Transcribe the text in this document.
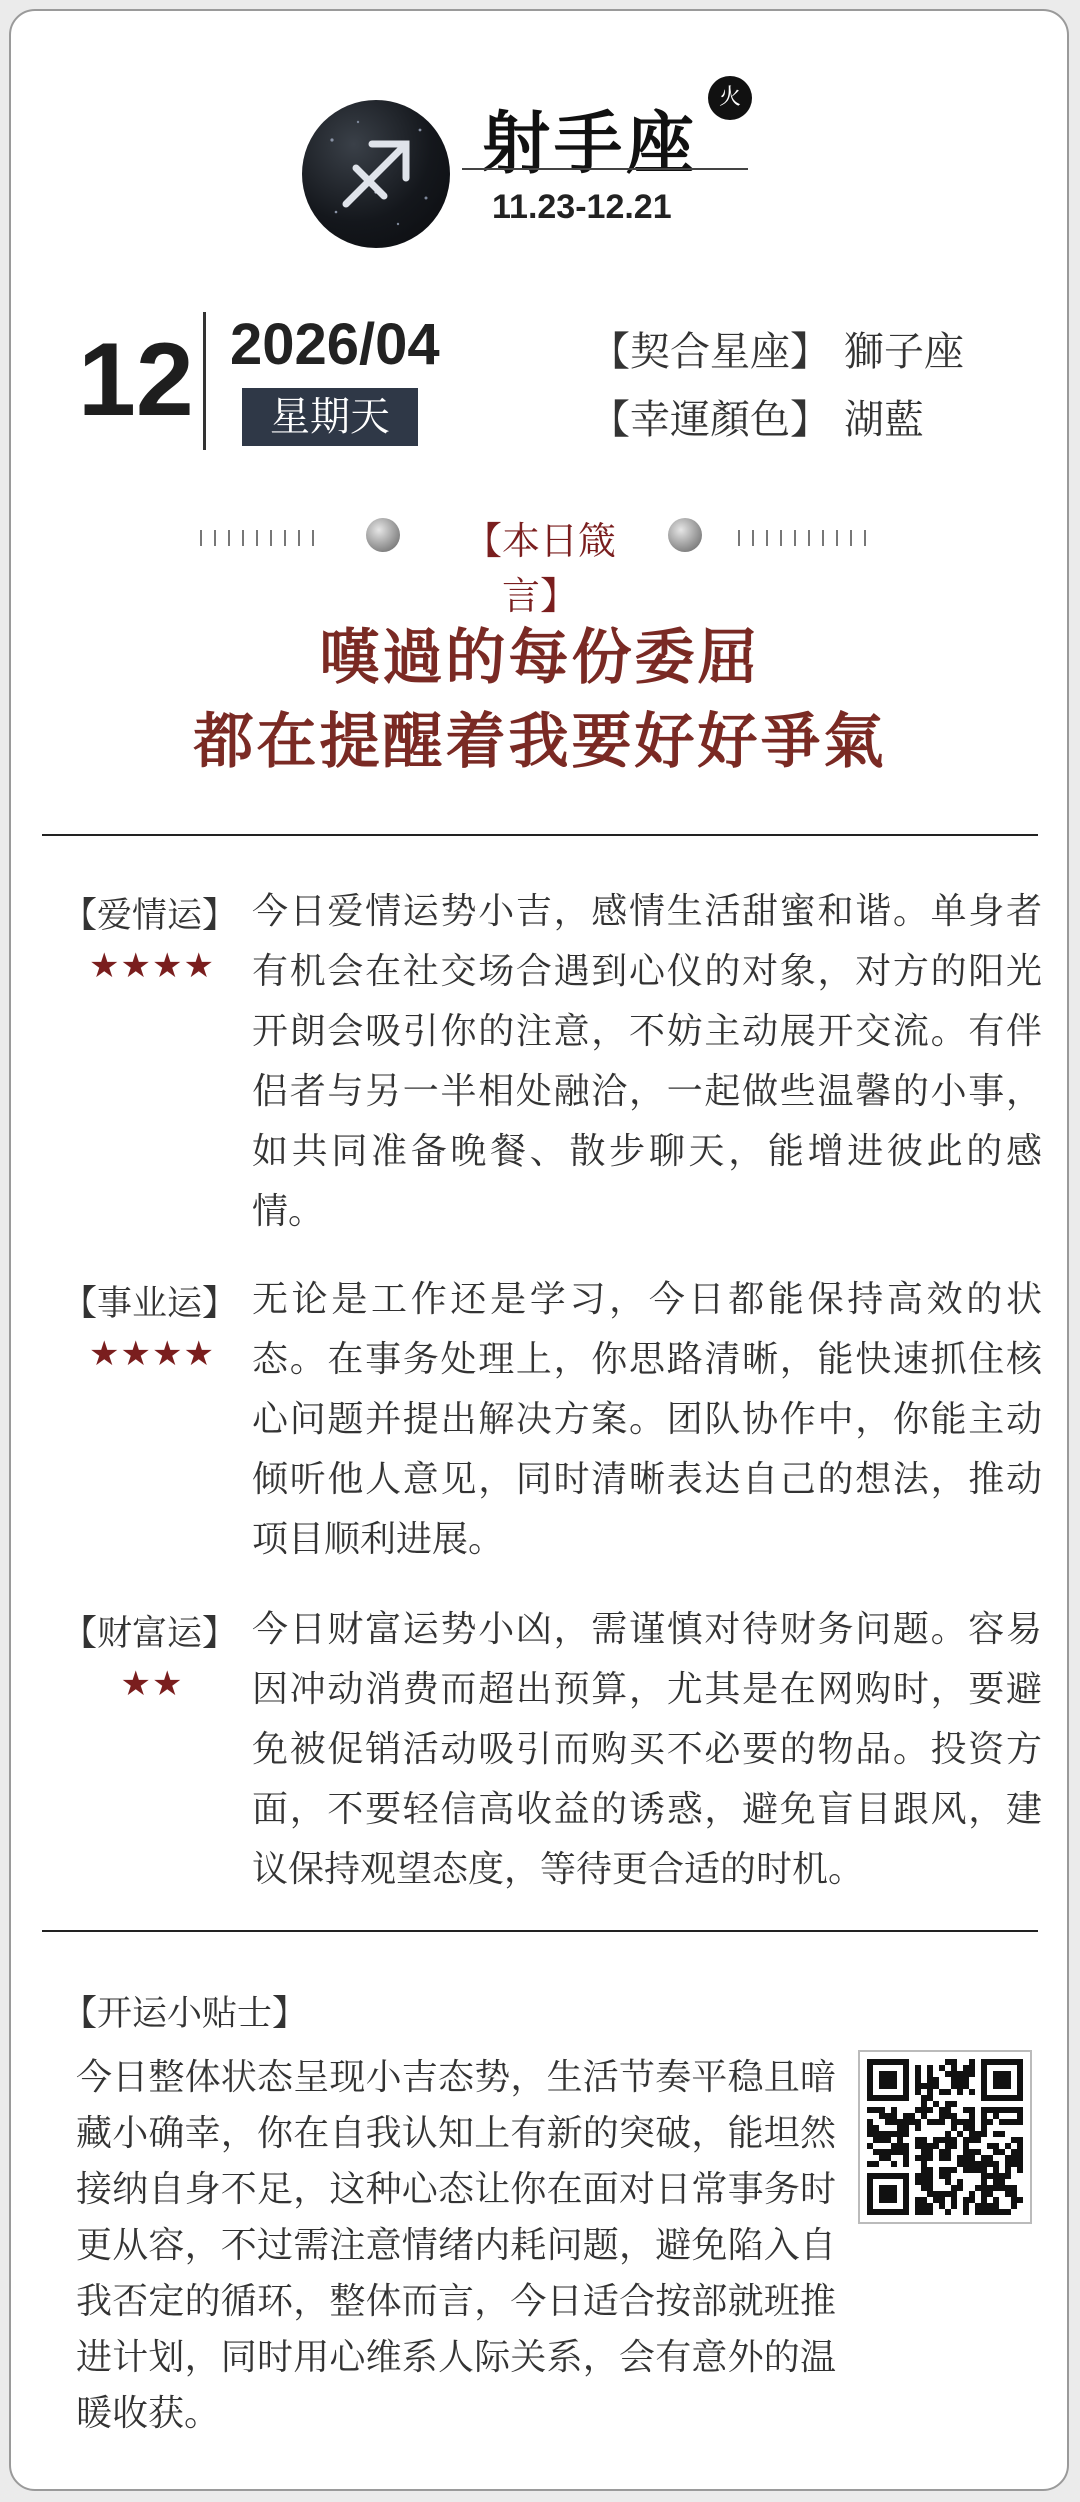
射手座
火
11.23-12.21
12 2026/04
星期天
【契合星座】 獅子座
【幸運顏色】 湖藍
【本日箴言】
嘆過的每份委屈
都在提醒着我要好好爭氣
【爱情运】
★★★★
今日爱情运势小吉，感情生活甜蜜和谐。单身者有机会在社交场合遇到心仪的对象，对方的阳光开朗会吸引你的注意，不妨主动展开交流。有伴侣者与另一半相处融洽，一起做些温馨的小事，如共同准备晚餐、散步聊天，能增进彼此的感情。
【事业运】
★★★★
无论是工作还是学习，今日都能保持高效的状态。在事务处理上，你思路清晰，能快速抓住核心问题并提出解决方案。团队协作中，你能主动倾听他人意见，同时清晰表达自己的想法，推动项目顺利进展。
【财富运】
★★
今日财富运势小凶，需谨慎对待财务问题。容易因冲动消费而超出预算，尤其是在网购时，要避免被促销活动吸引而购买不必要的物品。投资方面，不要轻信高收益的诱惑，避免盲目跟风，建议保持观望态度，等待更合适的时机。
【开运小贴士】
今日整体状态呈现小吉态势，生活节奏平稳且暗藏小确幸，你在自我认知上有新的突破，能坦然接纳自身不足，这种心态让你在面对日常事务时更从容，不过需注意情绪内耗问题，避免陷入自我否定的循环，整体而言，今日适合按部就班推进计划，同时用心维系人际关系，会有意外的温暖收获。
